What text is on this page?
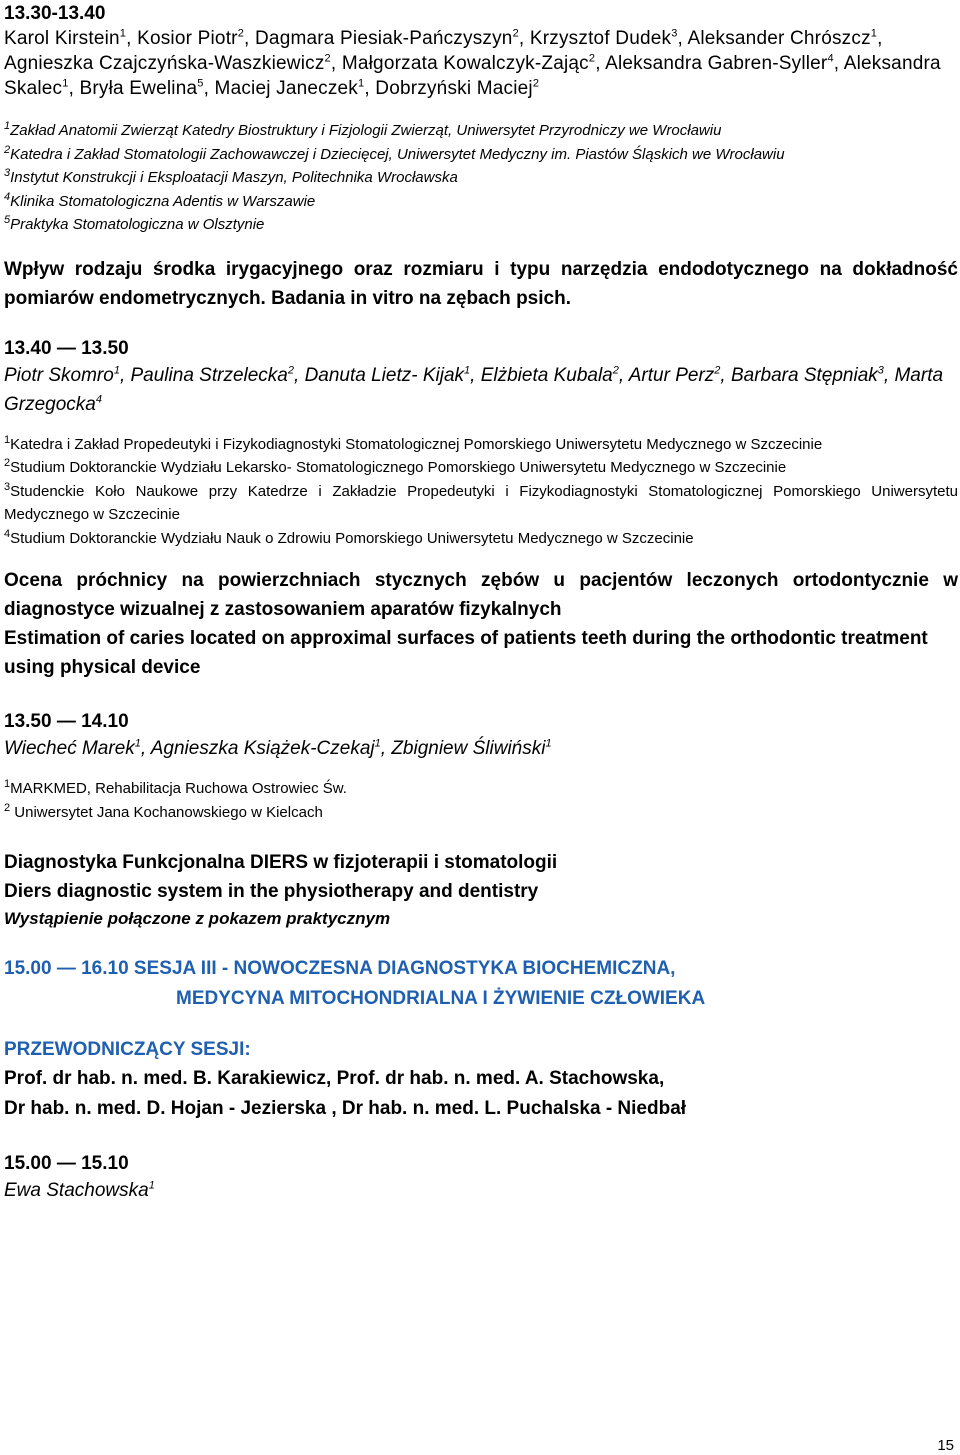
13.30-13.40
Karol Kirstein$^1$, Kosior Piotr$^2$, Dagmara Piesiak-Pańczyszyn$^2$, Krzysztof Dudek$^3$, Aleksander Chrószcz$^1$, Agnieszka Czajczyńska-Waszkiewicz$^2$, Małgorzata Kowalczyk-Zając$^2$, Aleksandra Gabren-Syller$^4$, Aleksandra Skalec$^1$, Bryła Ewelina$^5$, Maciej Janeczek$^1$, Dobrzyński Maciej$^2$
$^1$Zakład Anatomii Zwierząt Katedry Biostruktury i Fizjologii Zwierząt, Uniwersytet Przyrodniczy we Wrocławiu
$^2$Katedra i Zakład Stomatologii Zachowawczej i Dziecięcej, Uniwersytet Medyczny im. Piastów Śląskich we Wrocławiu
$^3$Instytut Konstrukcji i Eksploatacji Maszyn, Politechnika Wrocławska
$^4$Klinika Stomatologiczna Adentis w Warszawie
$^5$Praktyka Stomatologiczna w Olsztynie
Wpływ rodzaju środka irygacyjnego oraz rozmiaru i typu narzędzia endodotycznego na dokładność pomiarów endometrycznych. Badania in vitro na zębach psich.
13.40 — 13.50
Piotr Skomro$^1$, Paulina Strzelecka$^2$, Danuta Lietz- Kijak$^1$, Elżbieta Kubala$^2$, Artur Perz$^2$, Barbara Stępniak$^3$, Marta Grzegocka$^4$
$^1$Katedra i Zakład Propedeutyki i Fizykodiagnostyki Stomatologicznej Pomorskiego Uniwersytetu Medycznego w Szczecinie
$^2$Studium Doktoranckie Wydziału Lekarsko- Stomatologicznego Pomorskiego Uniwersytetu Medycznego w Szczecinie
$^3$Studenckie Koło Naukowe przy Katedrze i Zakładzie Propedeutyki i Fizykodiagnostyki Stomatologicznej Pomorskiego Uniwersytetu Medycznego w Szczecinie
$^4$Studium Doktoranckie Wydziału Nauk o Zdrowiu Pomorskiego Uniwersytetu Medycznego w Szczecinie
Ocena próchnicy na powierzchniach stycznych zębów u pacjentów leczonych ortodontycznie w diagnostyce wizualnej z zastosowaniem aparatów fizykalnych
Estimation of caries located on approximal surfaces of patients teeth during the orthodontic treatment using physical device
13.50 — 14.10
Wiecheć Marek$^1$, Agnieszka Książek-Czekaj$^1$, Zbigniew Śliwiński$^1$
$^1$MARKMED, Rehabilitacja Ruchowa Ostrowiec Św.
$^2$ Uniwersytet Jana Kochanowskiego w Kielcach
Diagnostyka Funkcjonalna DIERS w fizjoterapii i stomatologii
Diers diagnostic system in the physiotherapy and dentistry
Wystąpienie połączone z pokazem praktycznym
15.00 — 16.10 SESJA III - NOWOCZESNA DIAGNOSTYKA BIOCHEMICZNA,
MEDYCYNA MITOCHONDRIALNA I ŻYWIENIE CZŁOWIEKA
PRZEWODNICZĄCY SESJI:
Prof. dr hab. n. med. B. Karakiewicz, Prof. dr hab. n. med. A. Stachowska,
Dr hab. n. med. D. Hojan - Jezierska , Dr hab. n. med. L. Puchalska - Niedbał
15.00 — 15.10
Ewa Stachowska$^1$
15
